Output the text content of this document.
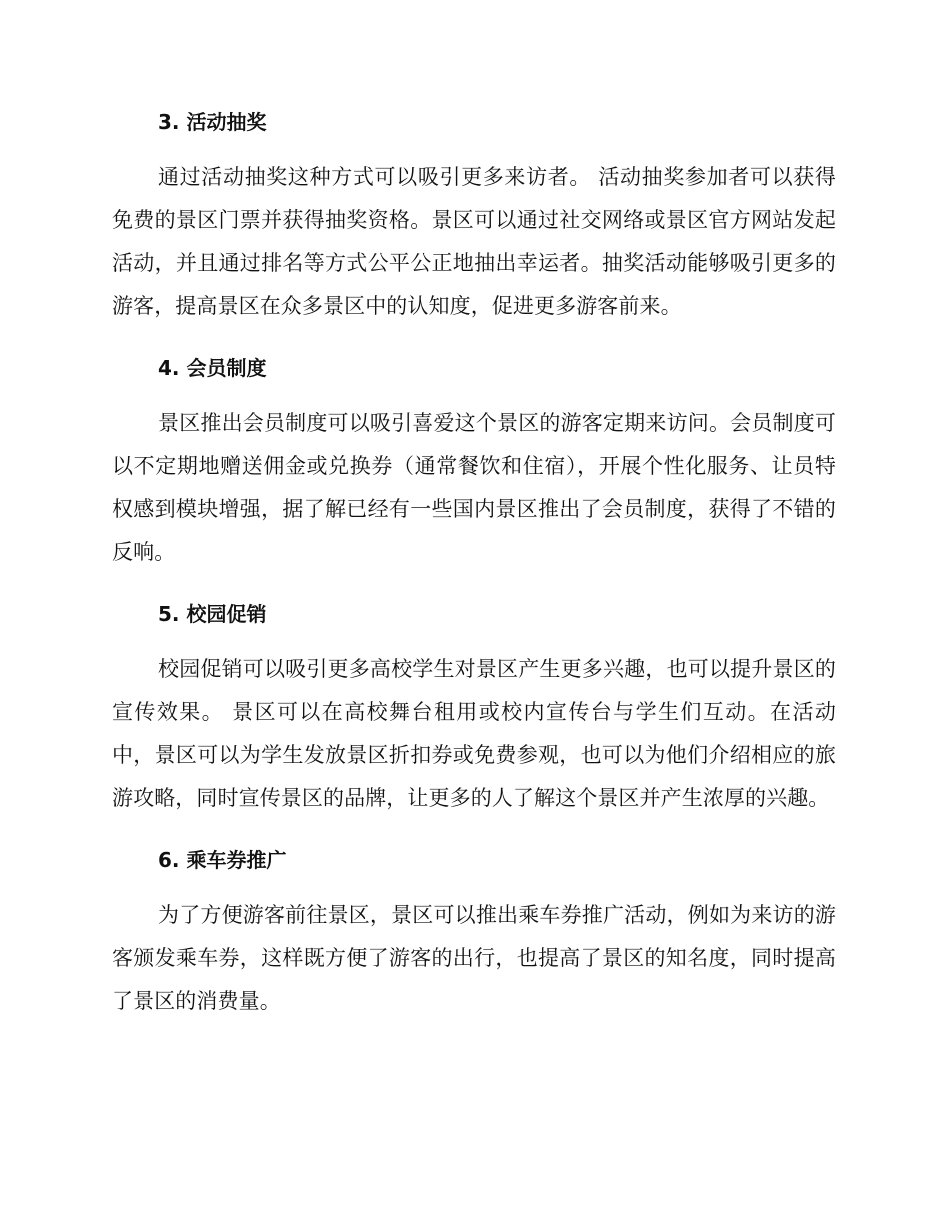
3. 活动抽奖

通过活动抽奖这种方式可以吸引更多来访者。 活动抽奖参加者可以获得免费的景区门票并获得抽奖资格。景区可以通过社交网络或景区官方网站发起活动，并且通过排名等方式公平公正地抽出幸运者。抽奖活动能够吸引更多的游客，提高景区在众多景区中的认知度，促进更多游客前来。

4. 会员制度

景区推出会员制度可以吸引喜爱这个景区的游客定期来访问。会员制度可以不定期地赠送佣金或兑换券（通常餐饮和住宿），开展个性化服务、让员特权感到模块增强，据了解已经有一些国内景区推出了会员制度，获得了不错的反响。

5. 校园促销

校园促销可以吸引更多高校学生对景区产生更多兴趣，也可以提升景区的宣传效果。 景区可以在高校舞台租用或校内宣传台与学生们互动。在活动中，景区可以为学生发放景区折扣券或免费参观，也可以为他们介绍相应的旅游攻略，同时宣传景区的品牌，让更多的人了解这个景区并产生浓厚的兴趣。

6. 乘车券推广

为了方便游客前往景区，景区可以推出乘车券推广活动，例如为来访的游客颁发乘车券，这样既方便了游客的出行，也提高了景区的知名度，同时提高了景区的消费量。
